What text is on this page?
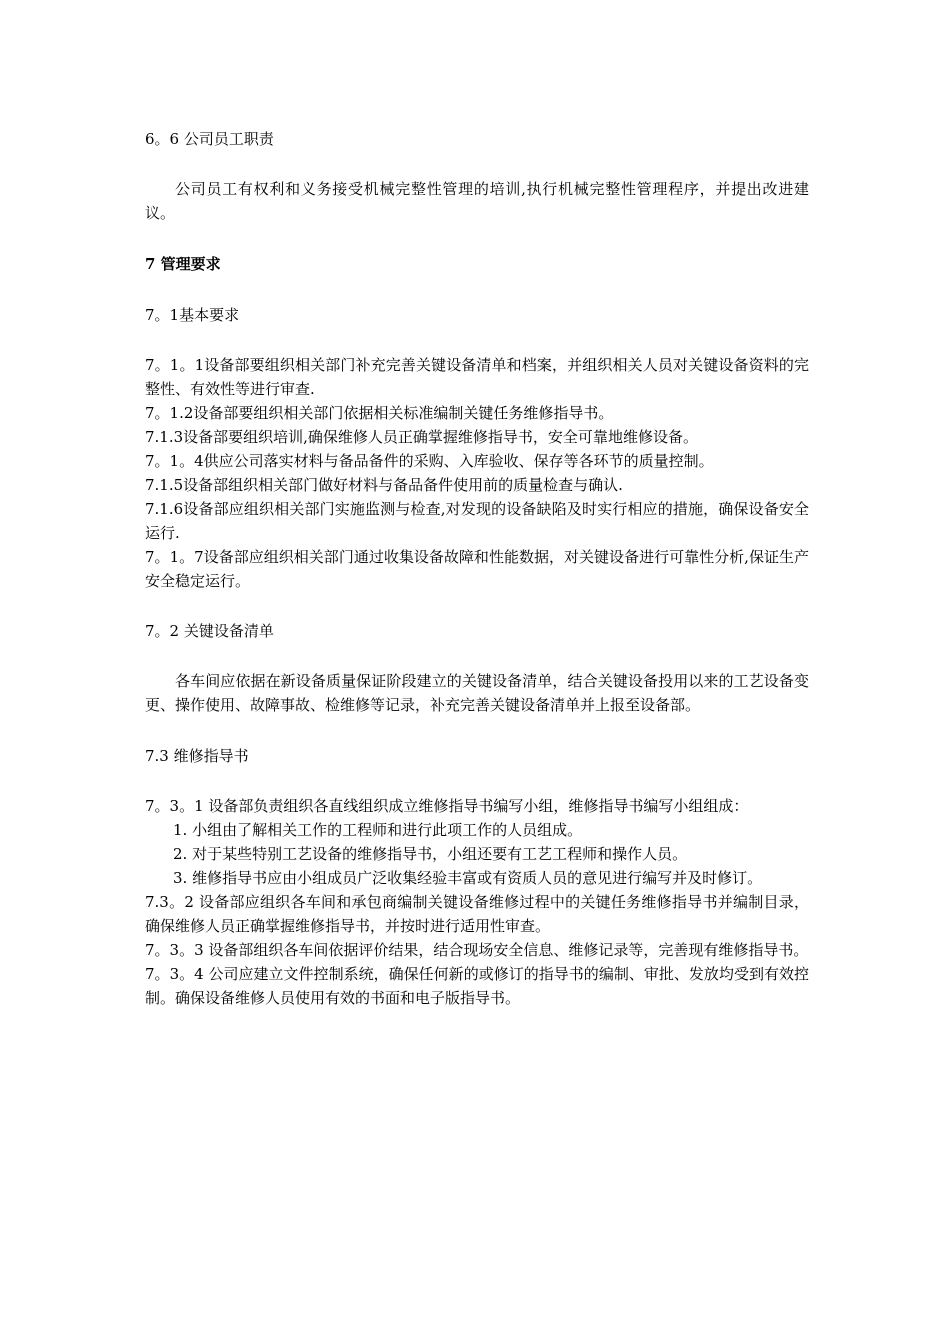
6。6 公司员工职责

公司员工有权利和义务接受机械完整性管理的培训,执行机械完整性管理程序，并提出改进建议。

7 管理要求

7。1基本要求

7。1。1设备部要组织相关部门补充完善关键设备清单和档案，并组织相关人员对关键设备资料的完整性、有效性等进行审查.

7。1.2设备部要组织相关部门依据相关标准编制关键任务维修指导书。

7.1.3设备部要组织培训,确保维修人员正确掌握维修指导书，安全可靠地维修设备。

7。1。4供应公司落实材料与备品备件的采购、入库验收、保存等各环节的质量控制。

7.1.5设备部组织相关部门做好材料与备品备件使用前的质量检查与确认.

7.1.6设备部应组织相关部门实施监测与检查,对发现的设备缺陷及时实行相应的措施，确保设备安全运行.

7。1。7设备部应组织相关部门通过收集设备故障和性能数据，对关键设备进行可靠性分析,保证生产安全稳定运行。

7。2 关键设备清单

各车间应依据在新设备质量保证阶段建立的关键设备清单，结合关键设备投用以来的工艺设备变更、操作使用、故障事故、检维修等记录，补充完善关键设备清单并上报至设备部。

7.3 维修指导书

7。3。1 设备部负责组织各直线组织成立维修指导书编写小组，维修指导书编写小组组成：

1. 小组由了解相关工作的工程师和进行此项工作的人员组成。
2. 对于某些特别工艺设备的维修指导书，小组还要有工艺工程师和操作人员。
3. 维修指导书应由小组成员广泛收集经验丰富或有资质人员的意见进行编写并及时修订。

7.3。2 设备部应组织各车间和承包商编制关键设备维修过程中的关键任务维修指导书并编制目录，确保维修人员正确掌握维修指导书，并按时进行适用性审查。

7。3。3 设备部组织各车间依据评价结果，结合现场安全信息、维修记录等，完善现有维修指导书。

7。3。4 公司应建立文件控制系统，确保任何新的或修订的指导书的编制、审批、发放均受到有效控制。确保设备维修人员使用有效的书面和电子版指导书。
